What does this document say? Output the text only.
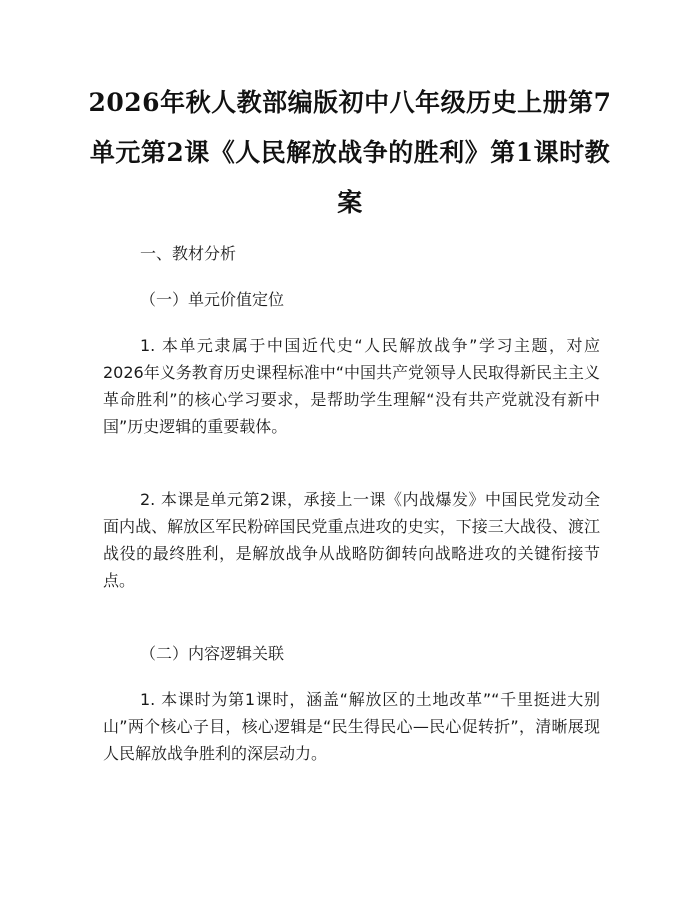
2026年秋人教部编版初中八年级历史上册第7单元第2课《人民解放战争的胜利》第1课时教案

一、教材分析

（一）单元价值定位

1. 本单元隶属于中国近代史“人民解放战争”学习主题，对应2026年义务教育历史课程标准中“中国共产党领导人民取得新民主主义革命胜利”的核心学习要求，是帮助学生理解“没有共产党就没有新中国”历史逻辑的重要载体。

2. 本课是单元第2课，承接上一课《内战爆发》中国民党发动全面内战、解放区军民粉碎国民党重点进攻的史实，下接三大战役、渡江战役的最终胜利，是解放战争从战略防御转向战略进攻的关键衔接节点。

（二）内容逻辑关联

1. 本课时为第1课时，涵盖“解放区的土地改革”“千里挺进大别山”两个核心子目，核心逻辑是“民生得民心—民心促转折”，清晰展现人民解放战争胜利的深层动力。
